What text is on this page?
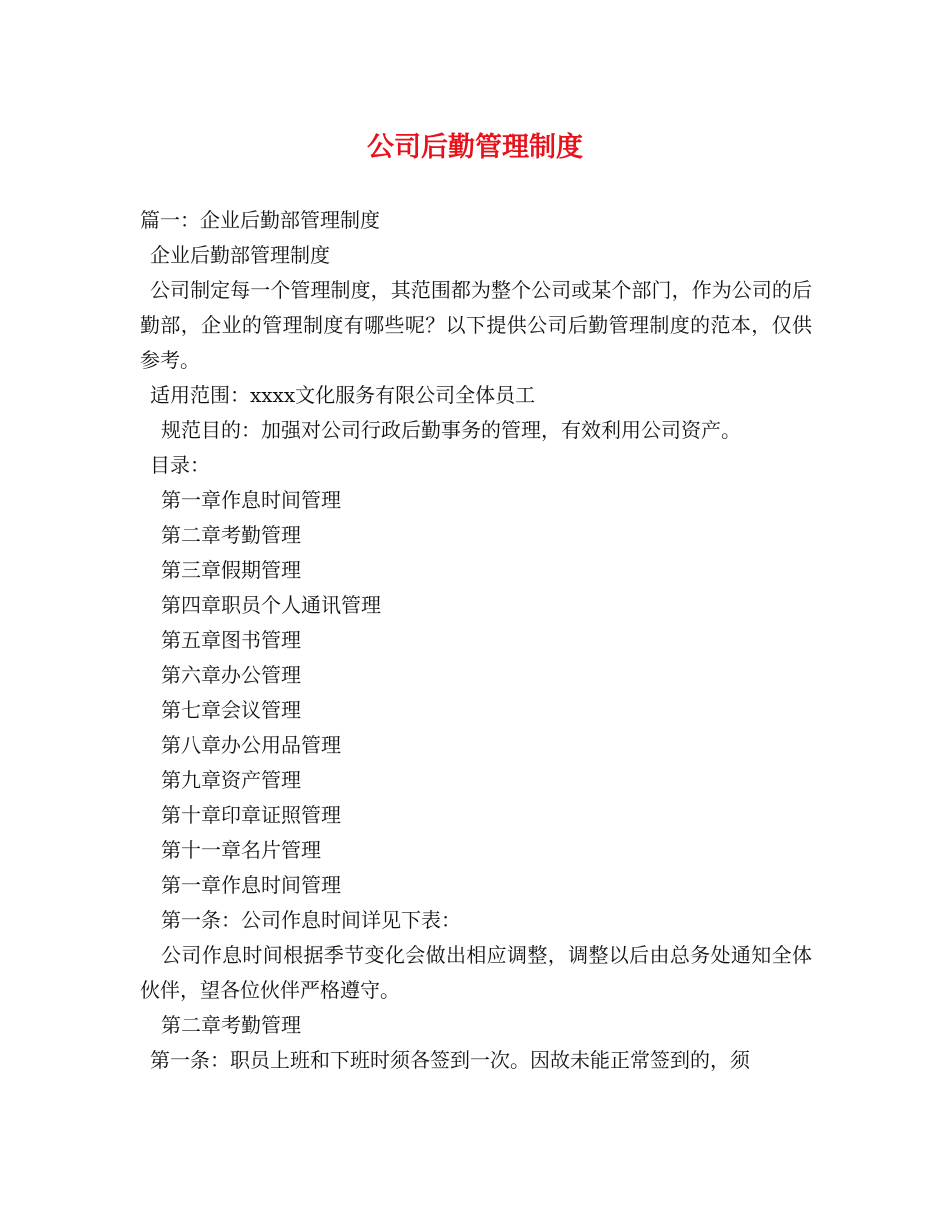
公司后勤管理制度

篇一：企业后勤部管理制度

企业后勤部管理制度

公司制定每一个管理制度，其范围都为整个公司或某个部门，作为公司的后勤部，企业的管理制度有哪些呢？以下提供公司后勤管理制度的范本，仅供参考。

适用范围：xxxx文化服务有限公司全体员工

规范目的：加强对公司行政后勤事务的管理，有效利用公司资产。

目录：

第一章作息时间管理

第二章考勤管理

第三章假期管理

第四章职员个人通讯管理

第五章图书管理

第六章办公管理

第七章会议管理

第八章办公用品管理

第九章资产管理

第十章印章证照管理

第十一章名片管理

第一章作息时间管理

第一条：公司作息时间详见下表：

公司作息时间根据季节变化会做出相应调整，调整以后由总务处通知全体伙伴，望各位伙伴严格遵守。

第二章考勤管理

第一条：职员上班和下班时须各签到一次。因故未能正常签到的，须
